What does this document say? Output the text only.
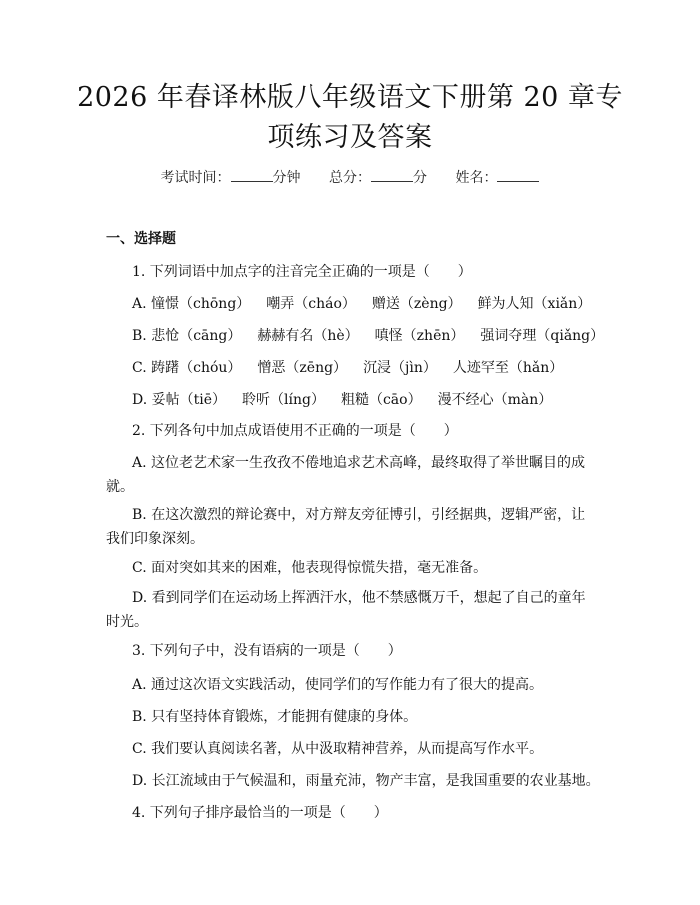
2026 年春译林版八年级语文下册第 20 章专
项练习及答案
考试时间：	分钟 总分：	分 姓名：
一、选择题
1. 下列词语中加点字的注音完全正确的一项是（　　）
A. 憧憬（chōng） 嘲弄（cháo） 赠送（zèng） 鲜为人知（xiǎn）
B. 悲怆（cāng） 赫赫有名（hè） 嗔怪（zhēn） 强词夺理（qiǎng）
C. 踌躇（chóu） 憎恶（zēng） 沉浸（jìn） 人迹罕至（hǎn）
D. 妥帖（tiē） 聆听（líng） 粗糙（cāo） 漫不经心（màn）
2. 下列各句中加点成语使用不正确的一项是（　　）
A. 这位老艺术家一生孜孜不倦地追求艺术高峰，最终取得了举世瞩目的成就。
B. 在这次激烈的辩论赛中，对方辩友旁征博引，引经据典，逻辑严密，让我们印象深刻。
C. 面对突如其来的困难，他表现得惊慌失措，毫无准备。
D. 看到同学们在运动场上挥洒汗水，他不禁感慨万千，想起了自己的童年时光。
3. 下列句子中，没有语病的一项是（　　）
A. 通过这次语文实践活动，使同学们的写作能力有了很大的提高。
B. 只有坚持体育锻炼，才能拥有健康的身体。
C. 我们要认真阅读名著，从中汲取精神营养，从而提高写作水平。
D. 长江流域由于气候温和，雨量充沛，物产丰富，是我国重要的农业基地。
4. 下列句子排序最恰当的一项是（　　）
